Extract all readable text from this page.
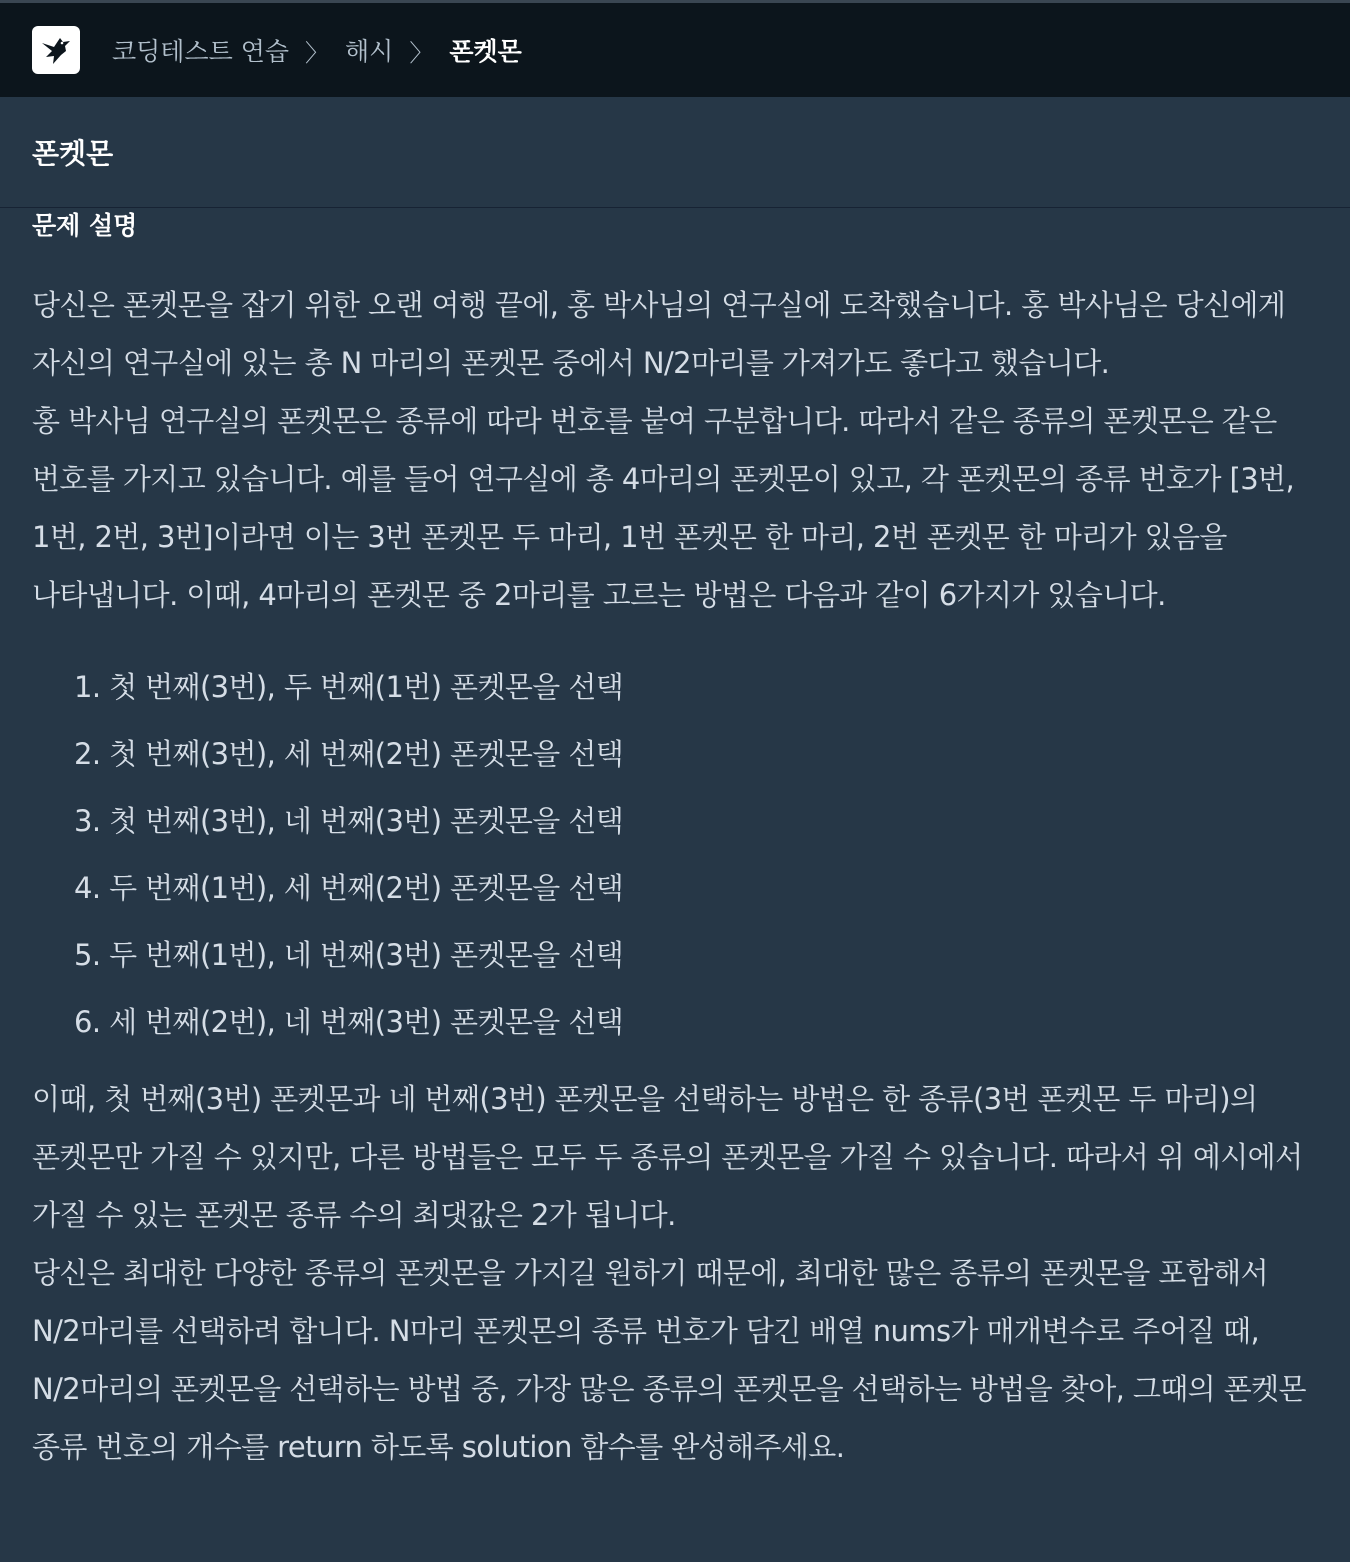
코딩테스트 연습 〉 해시 〉 폰켓몬
폰켓몬
문제 설명

당신은 폰켓몬을 잡기 위한 오랜 여행 끝에, 홍 박사님의 연구실에 도착했습니다. 홍 박사님은 당신에게 자신의 연구실에 있는 총 N 마리의 폰켓몬 중에서 N/2마리를 가져가도 좋다고 했습니다.

홍 박사님 연구실의 폰켓몬은 종류에 따라 번호를 붙여 구분합니다. 따라서 같은 종류의 폰켓몬은 같은 번호를 가지고 있습니다. 예를 들어 연구실에 총 4마리의 폰켓몬이 있고, 각 폰켓몬의 종류 번호가 [3번, 1번, 2번, 3번]이라면 이는 3번 폰켓몬 두 마리, 1번 폰켓몬 한 마리, 2번 폰켓몬 한 마리가 있음을 나타냅니다. 이때, 4마리의 폰켓몬 중 2마리를 고르는 방법은 다음과 같이 6가지가 있습니다.

1. 첫 번째(3번), 두 번째(1번) 폰켓몬을 선택
2. 첫 번째(3번), 세 번째(2번) 폰켓몬을 선택
3. 첫 번째(3번), 네 번째(3번) 폰켓몬을 선택
4. 두 번째(1번), 세 번째(2번) 폰켓몬을 선택
5. 두 번째(1번), 네 번째(3번) 폰켓몬을 선택
6. 세 번째(2번), 네 번째(3번) 폰켓몬을 선택

이때, 첫 번째(3번) 폰켓몬과 네 번째(3번) 폰켓몬을 선택하는 방법은 한 종류(3번 폰켓몬 두 마리)의 폰켓몬만 가질 수 있지만, 다른 방법들은 모두 두 종류의 폰켓몬을 가질 수 있습니다. 따라서 위 예시에서 가질 수 있는 폰켓몬 종류 수의 최댓값은 2가 됩니다.

당신은 최대한 다양한 종류의 폰켓몬을 가지길 원하기 때문에, 최대한 많은 종류의 폰켓몬을 포함해서 N/2마리를 선택하려 합니다. N마리 폰켓몬의 종류 번호가 담긴 배열 nums가 매개변수로 주어질 때, N/2마리의 폰켓몬을 선택하는 방법 중, 가장 많은 종류의 폰켓몬을 선택하는 방법을 찾아, 그때의 폰켓몬 종류 번호의 개수를 return 하도록 solution 함수를 완성해주세요.
